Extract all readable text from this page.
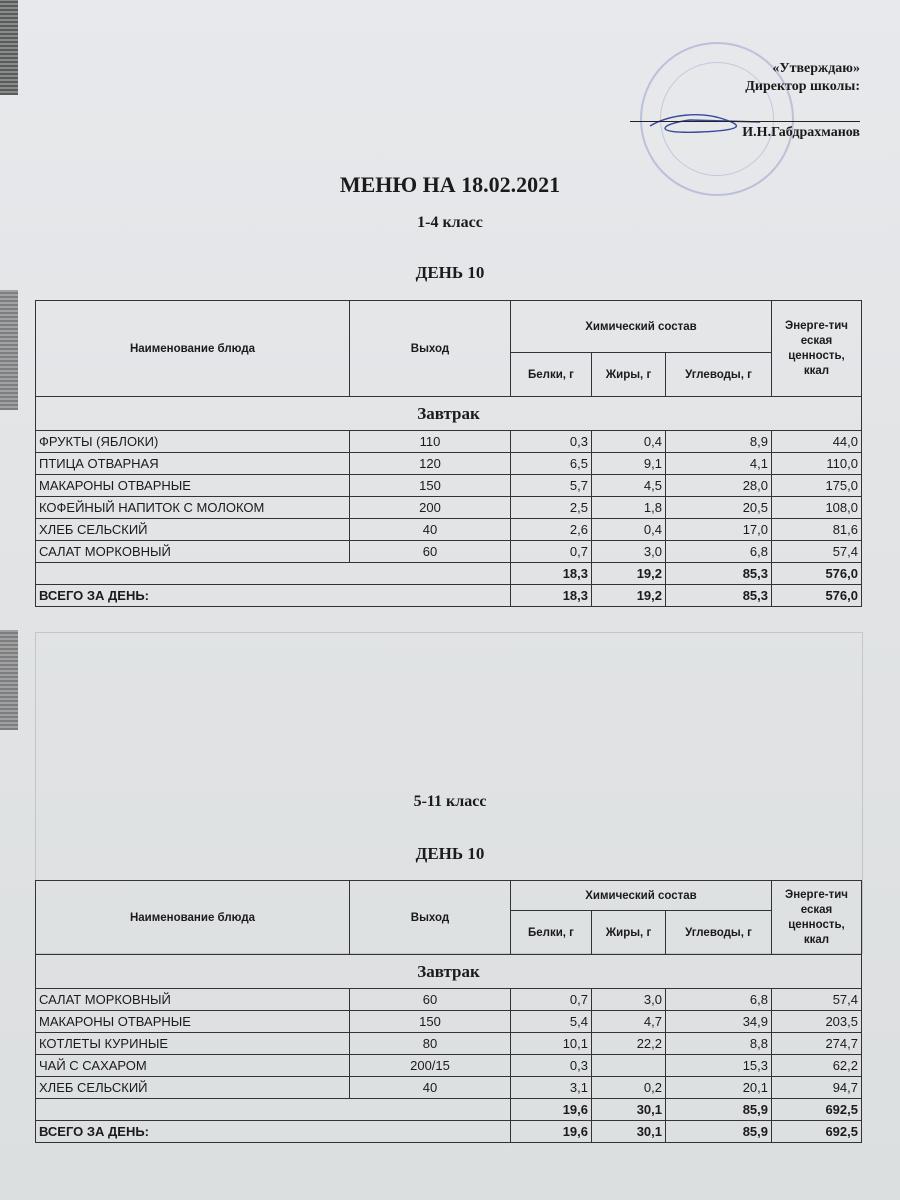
«Утверждаю»
Директор школы:
И.Н.Габдрахманов
МЕНЮ НА 18.02.2021
1-4 класс
ДЕНЬ 10
Наименование блюда	Выход	Химический состав			Энерге-тич еская ценность, ккал
		Белки, г	Жиры, г	Углеводы, г	
Завтрак					
ФРУКТЫ (ЯБЛОКИ)	110	0,3	0,4	8,9	44,0
ПТИЦА ОТВАРНАЯ	120	6,5	9,1	4,1	110,0
МАКАРОНЫ ОТВАРНЫЕ	150	5,7	4,5	28,0	175,0
КОФЕЙНЫЙ НАПИТОК С МОЛОКОМ	200	2,5	1,8	20,5	108,0
ХЛЕБ СЕЛЬСКИЙ	40	2,6	0,4	17,0	81,6
САЛАТ МОРКОВНЫЙ	60	0,7	3,0	6,8	57,4
		18,3	19,2	85,3	576,0
ВСЕГО ЗА ДЕНЬ:		18,3	19,2	85,3	576,0
5-11 класс
ДЕНЬ 10
Наименование блюда	Выход	Химический состав			Энерге-тич еская ценность, ккал
		Белки, г	Жиры, г	Углеводы, г	
Завтрак					
САЛАТ МОРКОВНЫЙ	60	0,7	3,0	6,8	57,4
МАКАРОНЫ ОТВАРНЫЕ	150	5,4	4,7	34,9	203,5
КОТЛЕТЫ КУРИНЫЕ	80	10,1	22,2	8,8	274,7
ЧАЙ С САХАРОМ	200/15	0,3		15,3	62,2
ХЛЕБ СЕЛЬСКИЙ	40	3,1	0,2	20,1	94,7
		19,6	30,1	85,9	692,5
ВСЕГО ЗА ДЕНЬ:		19,6	30,1	85,9	692,5
